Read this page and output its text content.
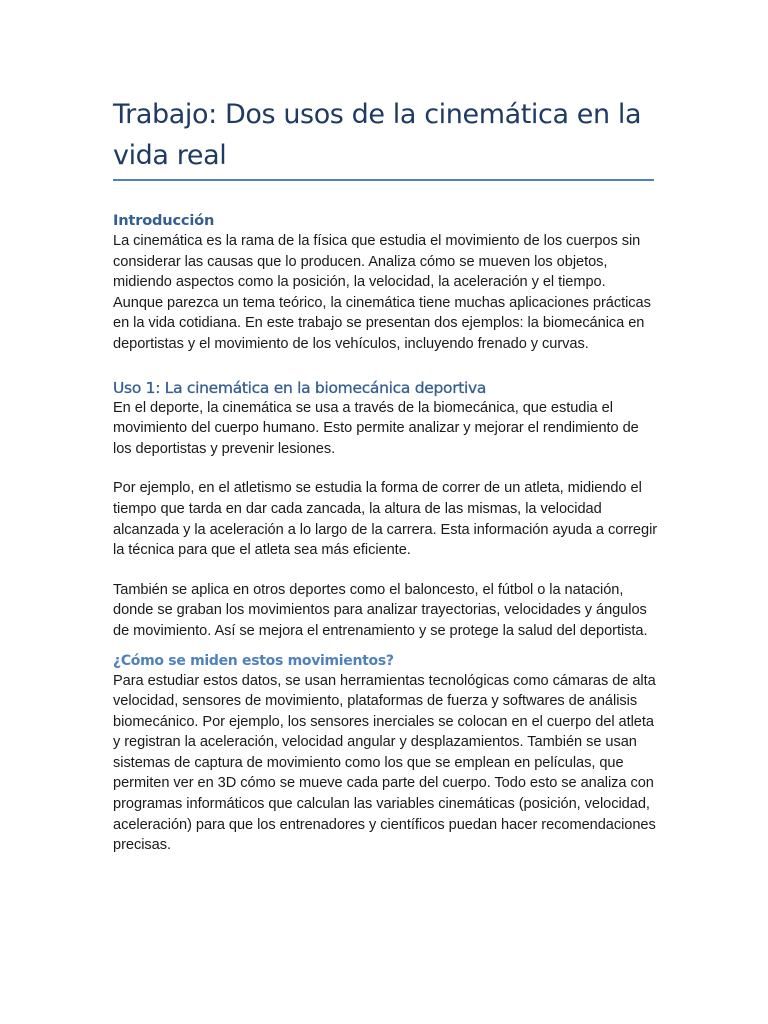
Trabajo: Dos usos de la cinemática en la vida real
Introducción

La cinemática es la rama de la física que estudia el movimiento de los cuerpos sin considerar las causas que lo producen. Analiza cómo se mueven los objetos, midiendo aspectos como la posición, la velocidad, la aceleración y el tiempo. Aunque parezca un tema teórico, la cinemática tiene muchas aplicaciones prácticas en la vida cotidiana. En este trabajo se presentan dos ejemplos: la biomecánica en deportistas y el movimiento de los vehículos, incluyendo frenado y curvas.

Uso 1: La cinemática en la biomecánica deportiva

En el deporte, la cinemática se usa a través de la biomecánica, que estudia el movimiento del cuerpo humano. Esto permite analizar y mejorar el rendimiento de los deportistas y prevenir lesiones.

Por ejemplo, en el atletismo se estudia la forma de correr de un atleta, midiendo el tiempo que tarda en dar cada zancada, la altura de las mismas, la velocidad alcanzada y la aceleración a lo largo de la carrera. Esta información ayuda a corregir la técnica para que el atleta sea más eficiente.

También se aplica en otros deportes como el baloncesto, el fútbol o la natación, donde se graban los movimientos para analizar trayectorias, velocidades y ángulos de movimiento. Así se mejora el entrenamiento y se protege la salud del deportista.

¿Cómo se miden estos movimientos?

Para estudiar estos datos, se usan herramientas tecnológicas como cámaras de alta velocidad, sensores de movimiento, plataformas de fuerza y softwares de análisis biomecánico. Por ejemplo, los sensores inerciales se colocan en el cuerpo del atleta y registran la aceleración, velocidad angular y desplazamientos. También se usan sistemas de captura de movimiento como los que se emplean en películas, que permiten ver en 3D cómo se mueve cada parte del cuerpo. Todo esto se analiza con programas informáticos que calculan las variables cinemáticas (posición, velocidad, aceleración) para que los entrenadores y científicos puedan hacer recomendaciones precisas.
